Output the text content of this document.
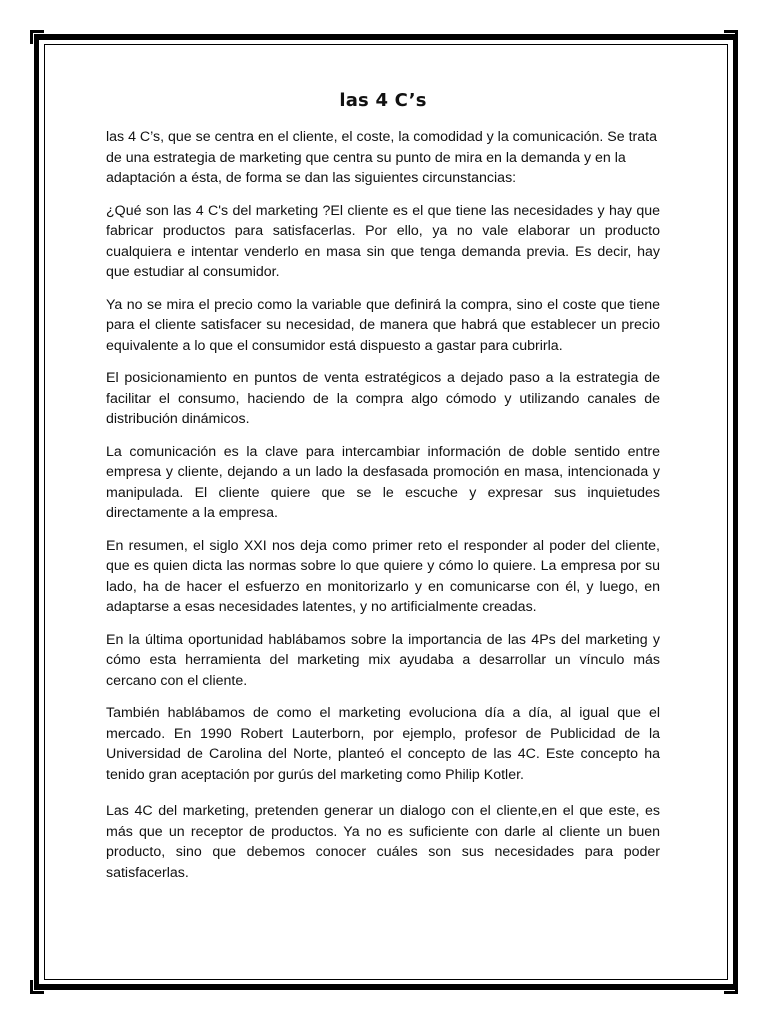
las 4 C’s

las 4 C’s, que se centra en el cliente, el coste, la comodidad y la comunicación. Se trata de una estrategia de marketing que centra su punto de mira en la demanda y en la adaptación a ésta, de forma se dan las siguientes circunstancias:

¿Qué son las 4 C's del marketing ?El cliente es el que tiene las necesidades y hay que fabricar productos para satisfacerlas. Por ello, ya no vale elaborar un producto cualquiera e intentar venderlo en masa sin que tenga demanda previa. Es decir, hay que estudiar al consumidor.

Ya no se mira el precio como la variable que definirá la compra, sino el coste que tiene para el cliente satisfacer su necesidad, de manera que habrá que establecer un precio equivalente a lo que el consumidor está dispuesto a gastar para cubrirla.

El posicionamiento en puntos de venta estratégicos a dejado paso a la estrategia de facilitar el consumo, haciendo de la compra algo cómodo y utilizando canales de distribución dinámicos.

La comunicación es la clave para intercambiar información de doble sentido entre empresa y cliente, dejando a un lado la desfasada promoción en masa, intencionada y manipulada. El cliente quiere que se le escuche y expresar sus inquietudes directamente a la empresa.

En resumen, el siglo XXI nos deja como primer reto el responder al poder del cliente, que es quien dicta las normas sobre lo que quiere y cómo lo quiere. La empresa por su lado, ha de hacer el esfuerzo en monitorizarlo y en comunicarse con él, y luego, en adaptarse a esas necesidades latentes, y no artificialmente creadas.

En la última oportunidad hablábamos sobre la importancia de las 4Ps del marketing y cómo esta herramienta del marketing mix ayudaba a desarrollar un vínculo más cercano con el cliente.

También hablábamos de como el marketing evoluciona día a día, al igual que el mercado. En 1990 Robert Lauterborn, por ejemplo, profesor de Publicidad de la Universidad de Carolina del Norte, planteó el concepto de las 4C. Este concepto ha tenido gran aceptación por gurús del marketing como Philip Kotler.

Las 4C del marketing, pretenden generar un dialogo con el cliente,en el que este, es más que un receptor de productos. Ya no es suficiente con darle al cliente un buen producto, sino que debemos conocer cuáles son sus necesidades para poder satisfacerlas.
